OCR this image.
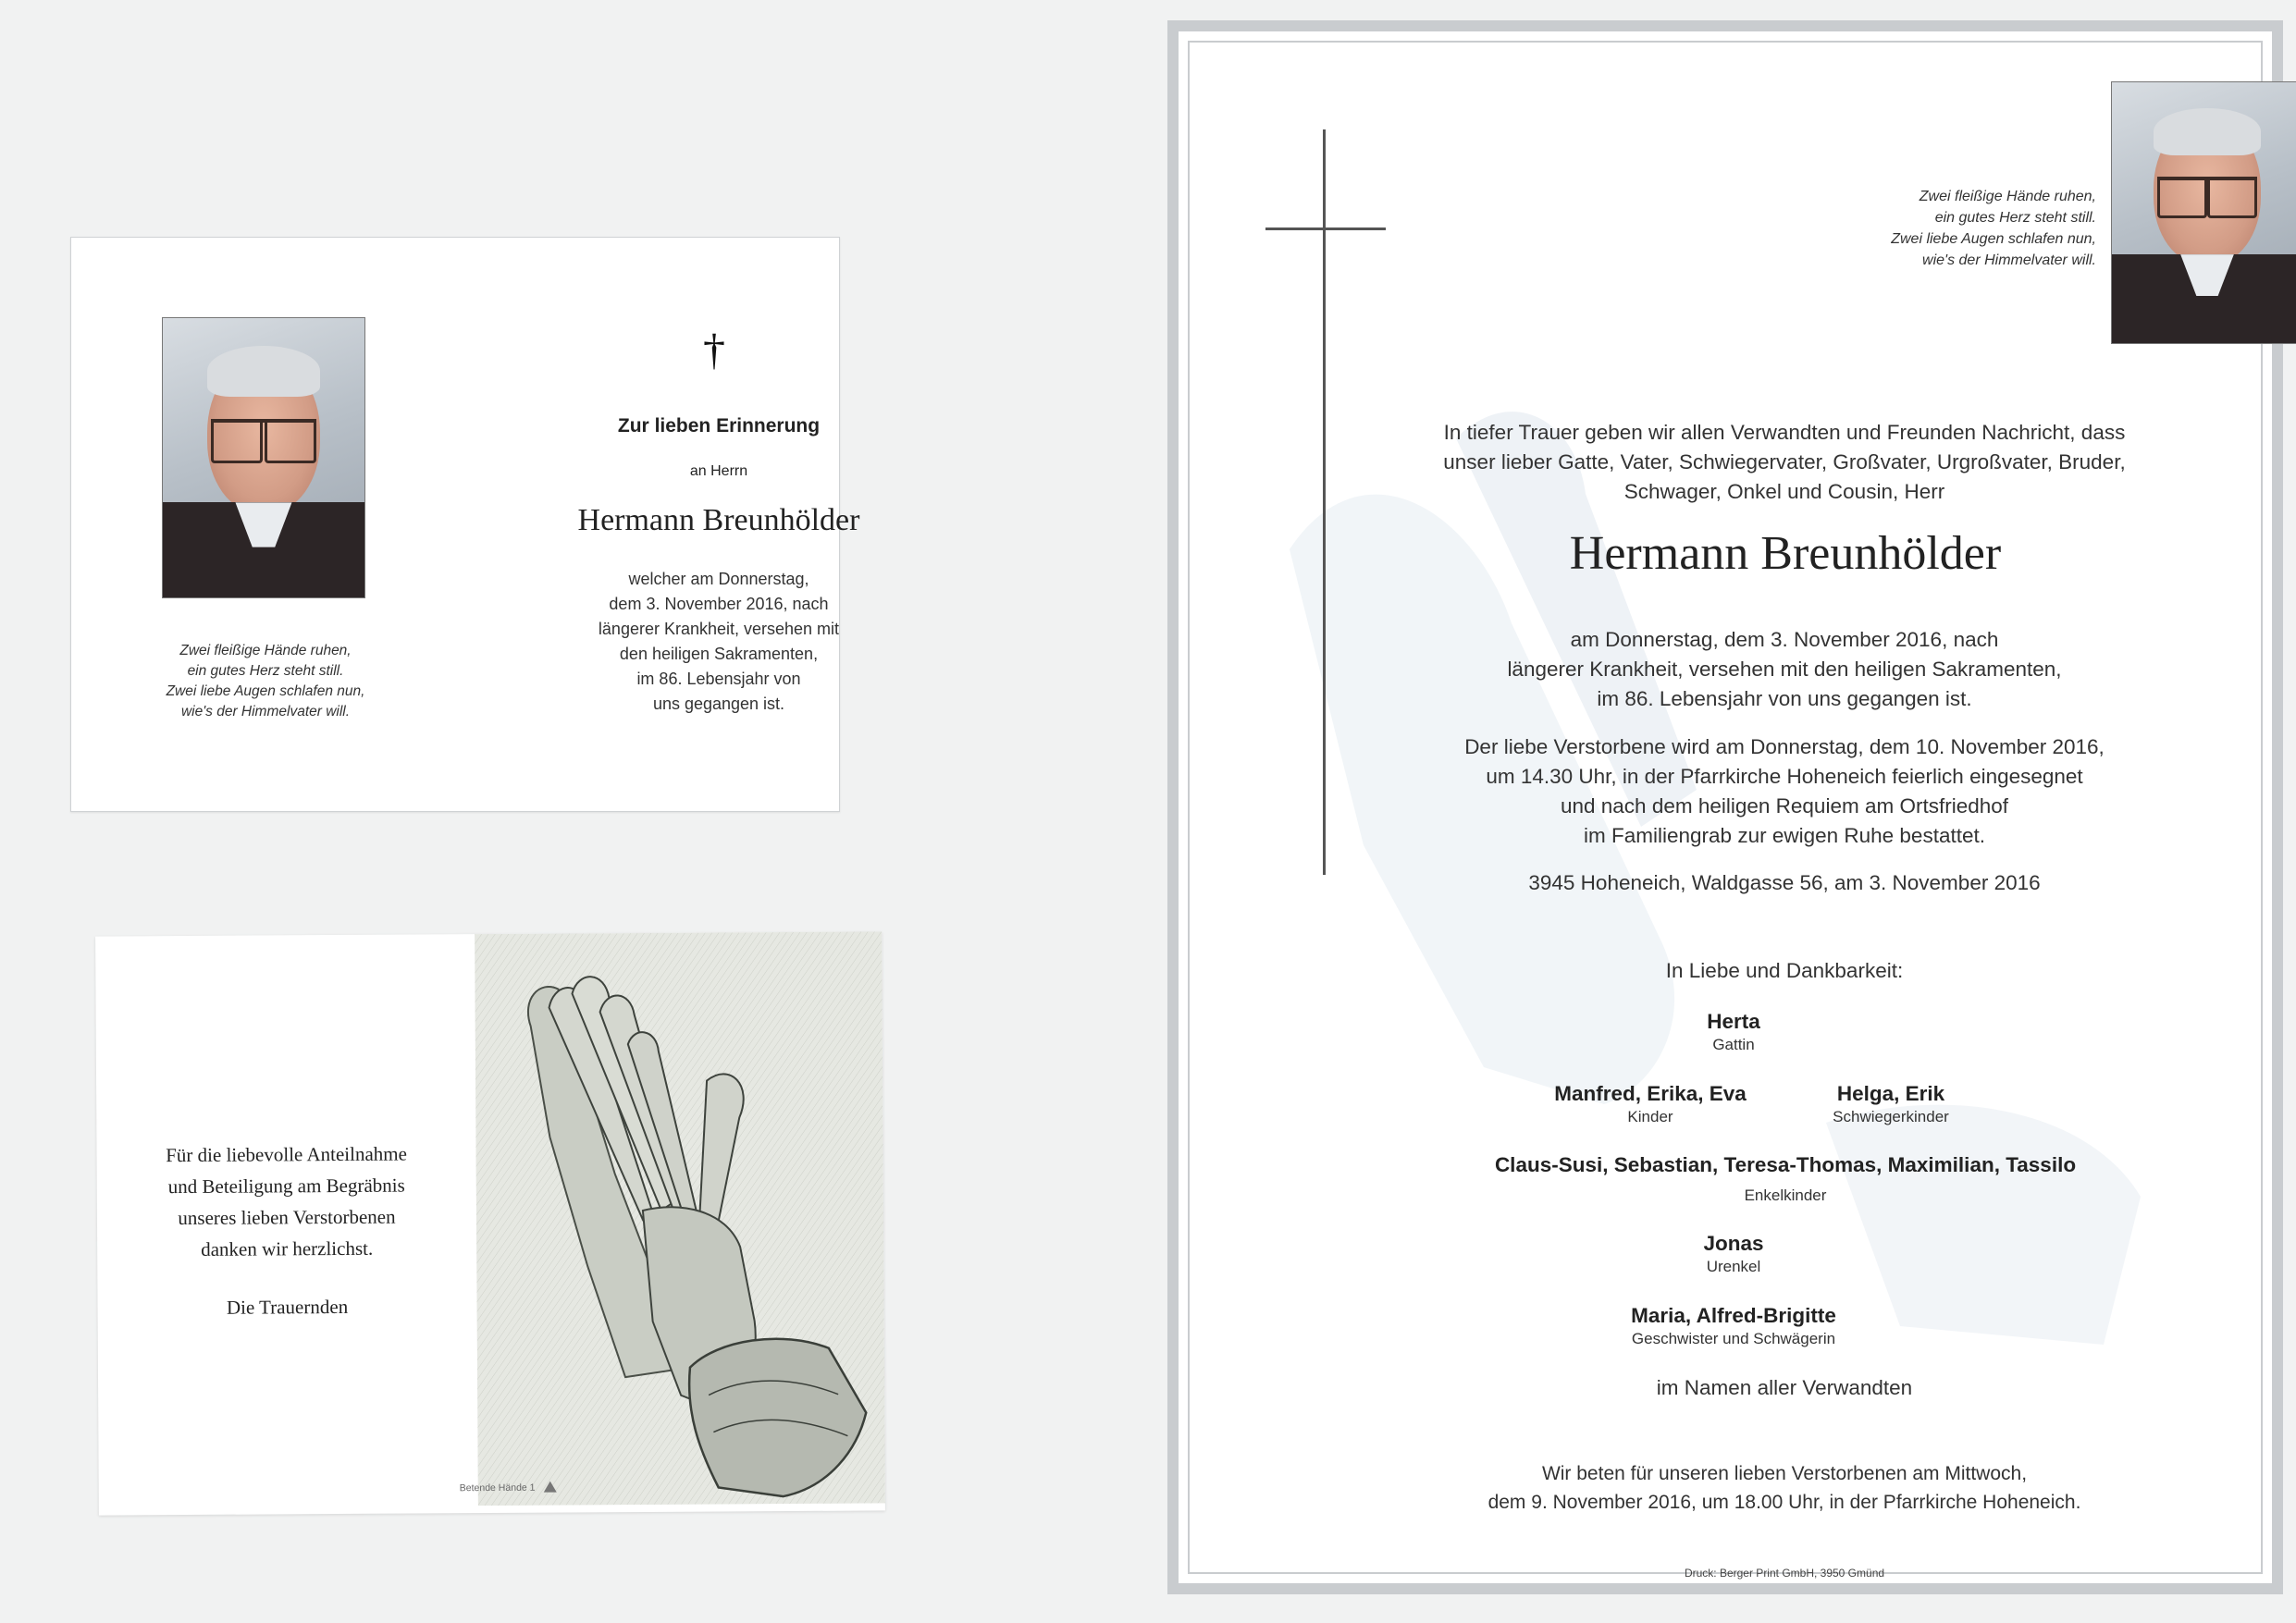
Zwei fleißige Hände ruhen,
ein gutes Herz steht still.
Zwei liebe Augen schlafen nun,
wie's der Himmelvater will.
†
Zur lieben Erinnerung
an Herrn
Hermann Breunhölder
welcher am Donnerstag,
dem 3. November 2016, nach
längerer Krankheit, versehen mit
den heiligen Sakramenten,
im 86. Lebensjahr von
uns gegangen ist.
Für die liebevolle Anteilnahme
und Beteiligung am Begräbnis
unseres lieben Verstorbenen
danken wir herzlichst.
Die Trauernden
Betende Hände 1
Zwei fleißige Hände ruhen,
ein gutes Herz steht still.
Zwei liebe Augen schlafen nun,
wie's der Himmelvater will.
In tiefer Trauer geben wir allen Verwandten und Freunden Nachricht, dass
unser lieber Gatte, Vater, Schwiegervater, Großvater, Urgroßvater, Bruder,
Schwager, Onkel und Cousin, Herr
Hermann Breunhölder
am Donnerstag, dem 3. November 2016, nach
längerer Krankheit, versehen mit den heiligen Sakramenten,
im 86. Lebensjahr von uns gegangen ist.
Der liebe Verstorbene wird am Donnerstag, dem 10. November 2016,
um 14.30 Uhr, in der Pfarrkirche Hoheneich feierlich eingesegnet
und nach dem heiligen Requiem am Ortsfriedhof
im Familiengrab zur ewigen Ruhe bestattet.
3945 Hoheneich, Waldgasse 56, am 3. November 2016
In Liebe und Dankbarkeit:
Herta
Gattin
Manfred, Erika, Eva
Kinder
Helga, Erik
Schwiegerkinder
Claus-Susi, Sebastian, Teresa-Thomas, Maximilian, Tassilo
Enkelkinder
Jonas
Urenkel
Maria, Alfred-Brigitte
Geschwister und Schwägerin
im Namen aller Verwandten
Wir beten für unseren lieben Verstorbenen am Mittwoch,
dem 9. November 2016, um 18.00 Uhr, in der Pfarrkirche Hoheneich.
Druck: Berger Print GmbH, 3950 Gmünd
